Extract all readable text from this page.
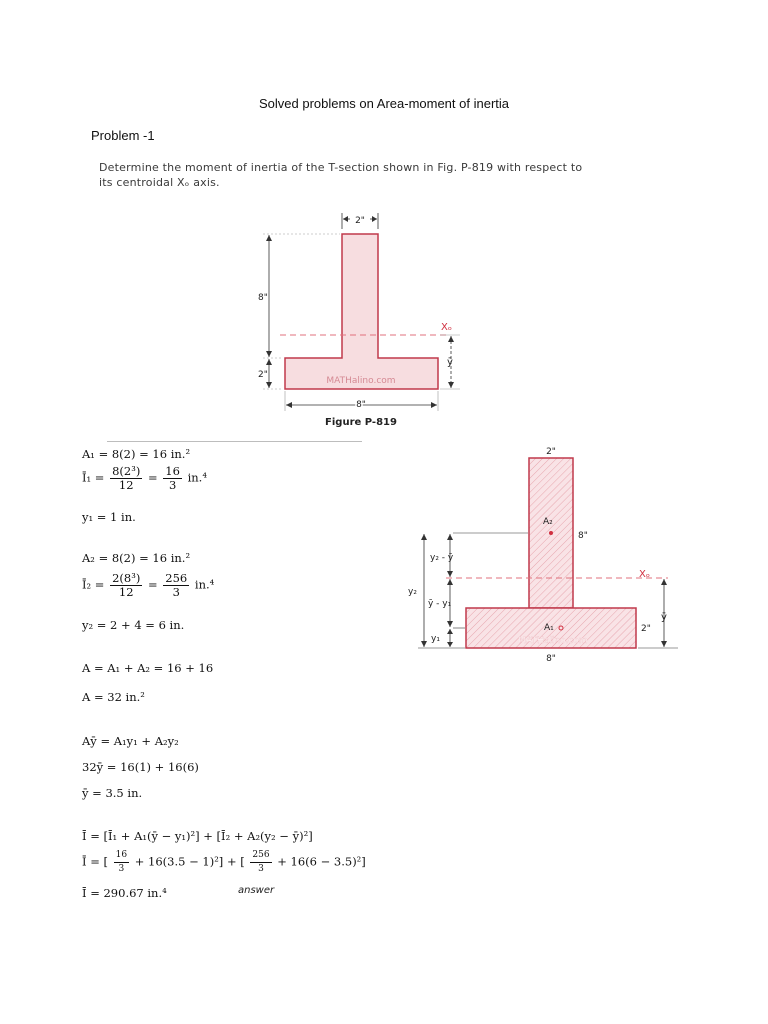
Solved problems on Area-moment of inertia
Problem -1
Determine the moment of inertia of the T-section shown in Fig. P-819 with respect to
its centroidal Xₒ axis.
2"
8"
2"
Xₒ
ȳ
MATHalino.com
8"
Figure P-819
2"
8"
A₂
A₁
MATHalino.com
y₂
y₂ - ȳ
ȳ - y₁
y₁
Xₒ
ȳ
2"
8"
A₁ = 8(2) = 16 in.²
Ī₁ = $\frac{\text{8(2³)}}{12} = \frac{16}{3} in.^4$
y₁ = 1 in.
A₂ = 8(2) = 16 in.²
Ī₂ = $\frac{\text{2(8³)}}{12} = \frac{256}{3} in.^4$
y₂ = 2 + 4 = 6 in.
A = A₁ + A₂ = 16 + 16
A = 32 in.²
Aȳ = A₁y₁ + A₂y₂
32ȳ = 16(1) + 16(6)
ȳ = 3.5 in.
Ī = [Ī₁ + A₁(ȳ − y₁)²] + [Ī₂ + A₂(y₂ − ȳ)²]
Ī = [ $\frac{16}{3} + 16(3.5 - 1)^2$] + [ $\frac{256}{3} + 16(6 - 3.5)^2$]
Ī = 290.67 in.⁴	answer
